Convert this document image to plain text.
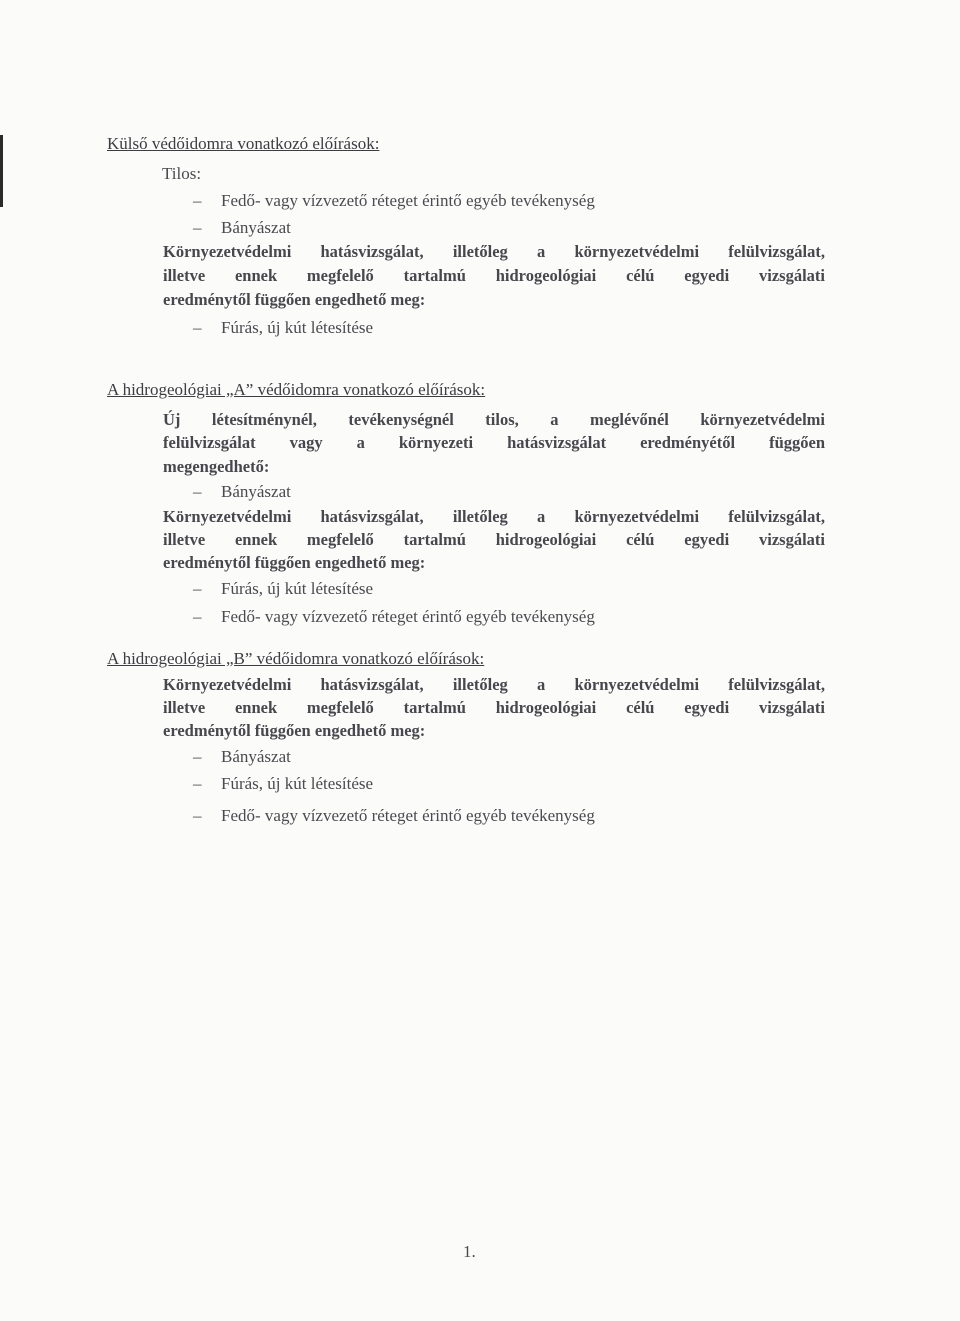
Külső védőidomra vonatkozó előírások:
Tilos:
– Fedő- vagy vízvezető réteget érintő egyéb tevékenység
– Bányászat
Környezetvédelmi hatásvizsgálat, illetőleg a környezetvédelmi felülvizsgálat,
illetve ennek megfelelő tartalmú hidrogeológiai célú egyedi vizsgálati
eredménytől függően engedhető meg:
– Fúrás, új kút létesítése
A hidrogeológiai „A” védőidomra vonatkozó előírások:
Új létesítménynél, tevékenységnél tilos, a meglévőnél környezetvédelmi
felülvizsgálat vagy a környezeti hatásvizsgálat eredményétől függően
megengedhető:
– Bányászat
Környezetvédelmi hatásvizsgálat, illetőleg a környezetvédelmi felülvizsgálat,
illetve ennek megfelelő tartalmú hidrogeológiai célú egyedi vizsgálati
eredménytől függően engedhető meg:
– Fúrás, új kút létesítése
– Fedő- vagy vízvezető réteget érintő egyéb tevékenység
A hidrogeológiai „B” védőidomra vonatkozó előírások:
Környezetvédelmi hatásvizsgálat, illetőleg a környezetvédelmi felülvizsgálat,
illetve ennek megfelelő tartalmú hidrogeológiai célú egyedi vizsgálati
eredménytől függően engedhető meg:
– Bányászat
– Fúrás, új kút létesítése
– Fedő- vagy vízvezető réteget érintő egyéb tevékenység
1.
